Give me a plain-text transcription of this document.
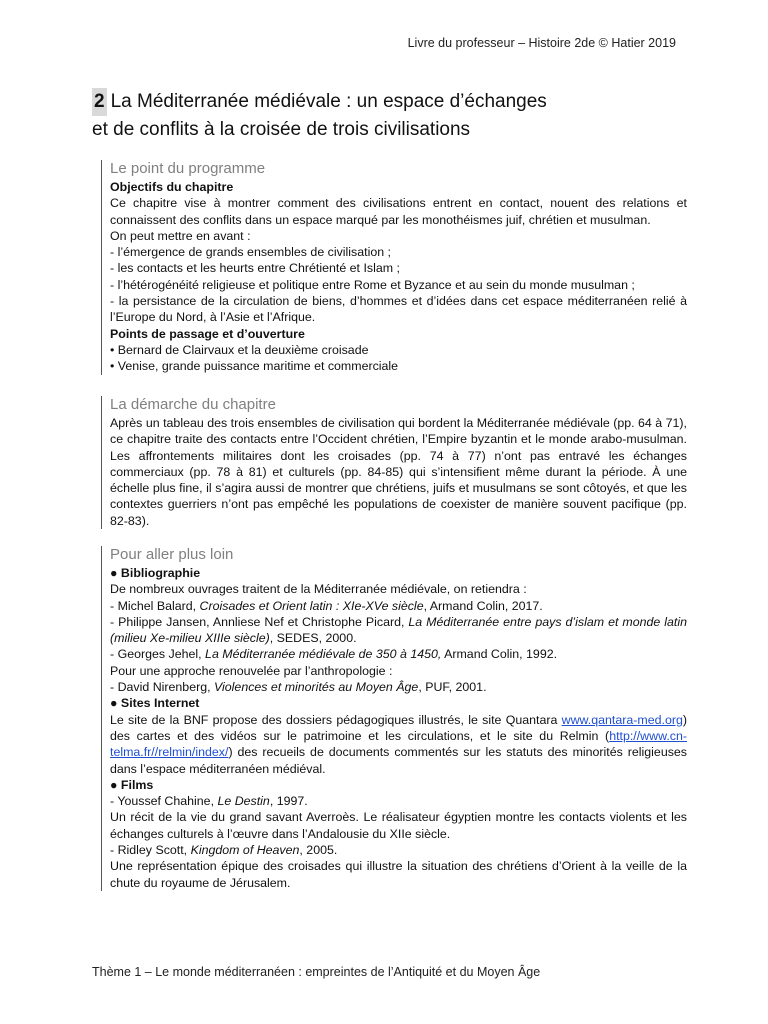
Livre du professeur – Histoire 2de © Hatier 2019
2 La Méditerranée médiévale : un espace d’échanges
et de conflits à la croisée de trois civilisations
Le point du programme
Objectifs du chapitre
Ce chapitre vise à montrer comment des civilisations entrent en contact, nouent des relations et connaissent des conflits dans un espace marqué par les monothéismes juif, chrétien et musulman.
On peut mettre en avant :
- l’émergence de grands ensembles de civilisation ;
- les contacts et les heurts entre Chrétienté et Islam ;
- l’hétérogénéité religieuse et politique entre Rome et Byzance et au sein du monde musulman ;
- la persistance de la circulation de biens, d’hommes et d’idées dans cet espace méditerranéen relié à l’Europe du Nord, à l’Asie et l’Afrique.
Points de passage et d’ouverture
• Bernard de Clairvaux et la deuxième croisade
• Venise, grande puissance maritime et commerciale
La démarche du chapitre
Après un tableau des trois ensembles de civilisation qui bordent la Méditerranée médiévale (pp. 64 à 71), ce chapitre traite des contacts entre l’Occident chrétien, l’Empire byzantin et le monde arabo-musulman. Les affrontements militaires dont les croisades (pp. 74 à 77) n’ont pas entravé les échanges commerciaux (pp. 78 à 81) et culturels (pp. 84-85) qui s’intensifient même durant la période. À une échelle plus fine, il s’agira aussi de montrer que chrétiens, juifs et musulmans se sont côtoyés, et que les contextes guerriers n’ont pas empêché les populations de coexister de manière souvent pacifique (pp. 82-83).
Pour aller plus loin
● Bibliographie
De nombreux ouvrages traitent de la Méditerranée médiévale, on retiendra :
- Michel Balard, Croisades et Orient latin : XIe-XVe siècle, Armand Colin, 2017.
- Philippe Jansen, Annliese Nef et Christophe Picard, La Méditerranée entre pays d’islam et monde latin (milieu Xe-milieu XIIIe siècle), SEDES, 2000.
- Georges Jehel, La Méditerranée médiévale de 350 à 1450, Armand Colin, 1992.
Pour une approche renouvelée par l’anthropologie :
- David Nirenberg, Violences et minorités au Moyen Âge, PUF, 2001.
● Sites Internet
Le site de la BNF propose des dossiers pédagogiques illustrés, le site Quantara www.qantara-med.org) des cartes et des vidéos sur le patrimoine et les circulations, et le site du Relmin (http://www.cn-telma.fr//relmin/index/) des recueils de documents commentés sur les statuts des minorités religieuses dans l’espace méditerranéen médiéval.
● Films
- Youssef Chahine, Le Destin, 1997.
Un récit de la vie du grand savant Averroès. Le réalisateur égyptien montre les contacts violents et les échanges culturels à l’œuvre dans l’Andalousie du XIIe siècle.
- Ridley Scott, Kingdom of Heaven, 2005.
Une représentation épique des croisades qui illustre la situation des chrétiens d’Orient à la veille de la chute du royaume de Jérusalem.
Thème 1 – Le monde méditerranéen : empreintes de l’Antiquité et du Moyen Âge
